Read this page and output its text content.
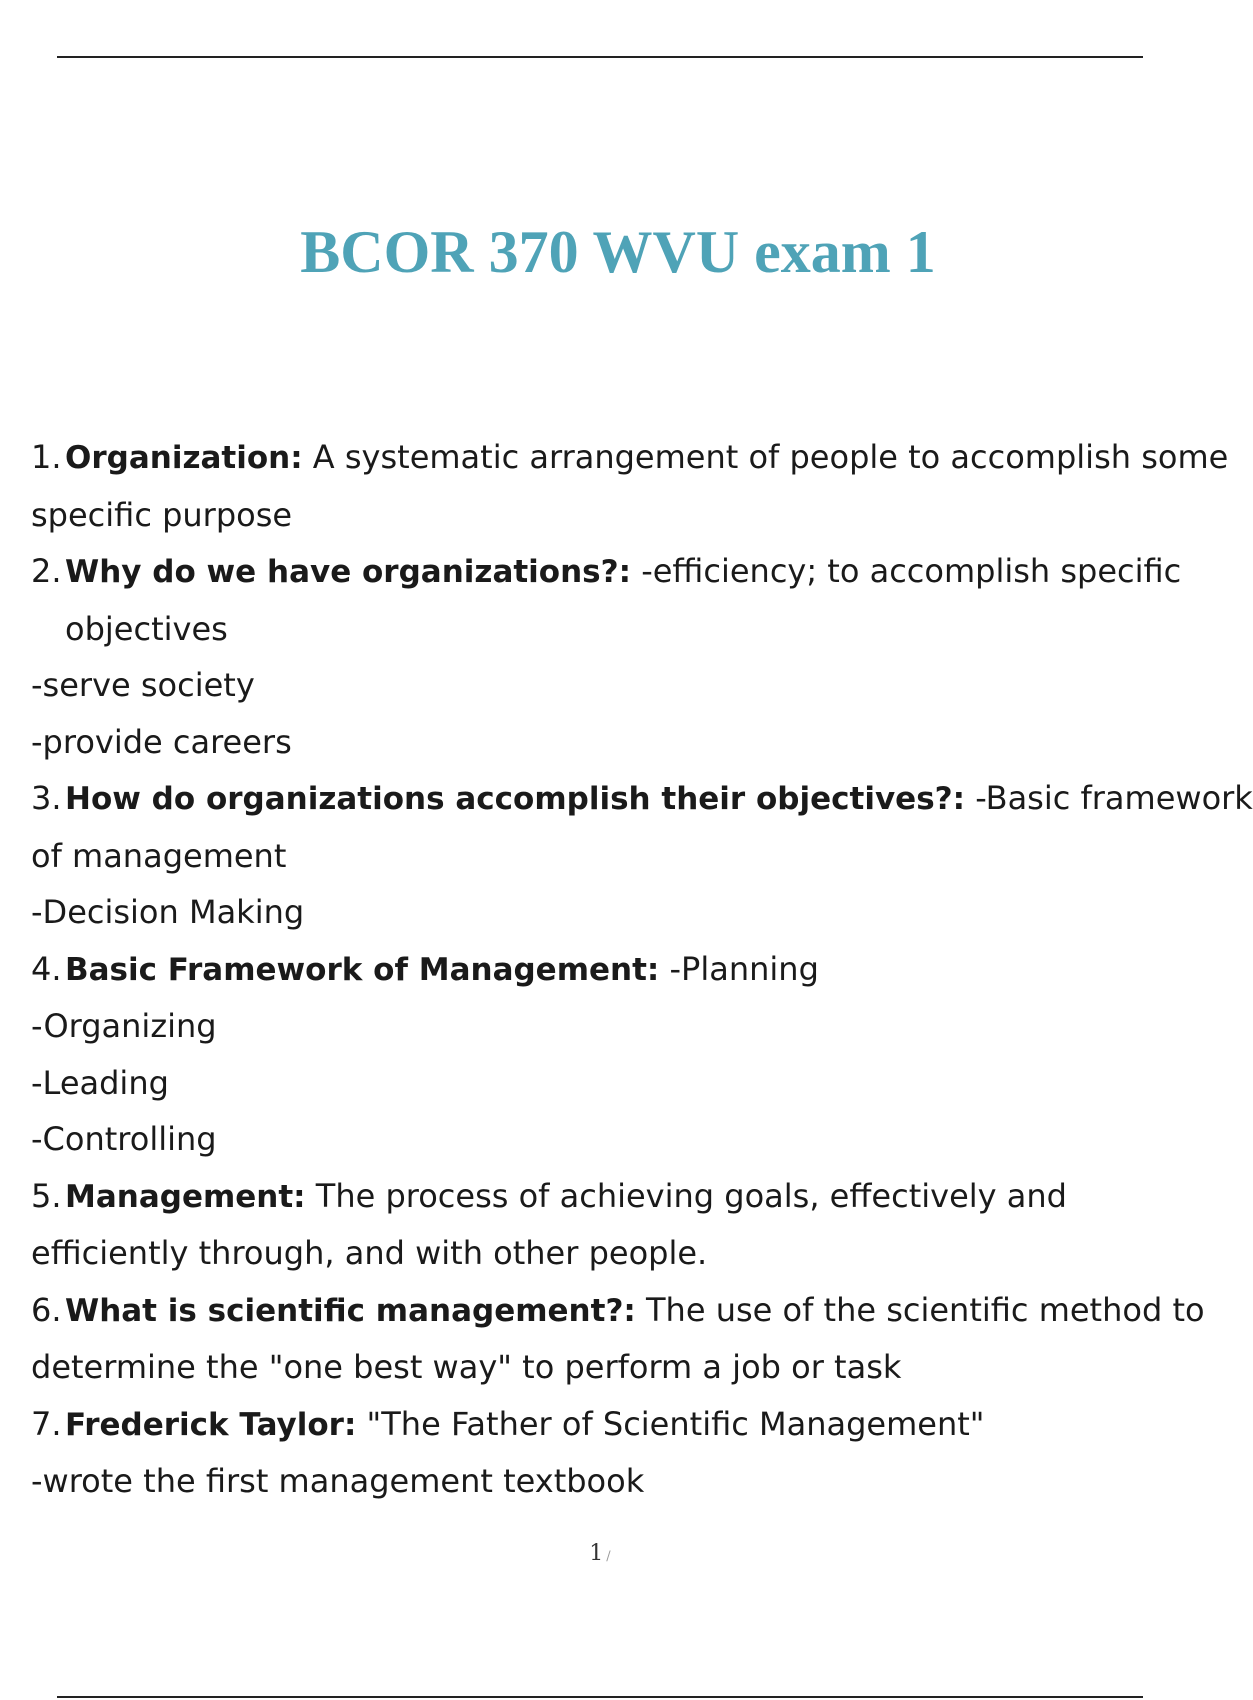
BCOR 370 WVU exam 1

1. Organization: A systematic arrangement of people to accomplish some

specific purpose

2. Why do we have organizations?: -efficiency; to accomplish specific

objectives

-serve society

-provide careers

3. How do organizations accomplish their objectives?: -Basic framework

of management

-Decision Making

4. Basic Framework of Management: -Planning

-Organizing

-Leading

-Controlling

5. Management: The process of achieving goals, effectively and

efficiently through, and with other people.

6. What is scientific management?: The use of the scientific method to

determine the "one best way" to perform a job or task

7. Frederick Taylor: "The Father of Scientific Management"

-wrote the first management textbook

1 /
